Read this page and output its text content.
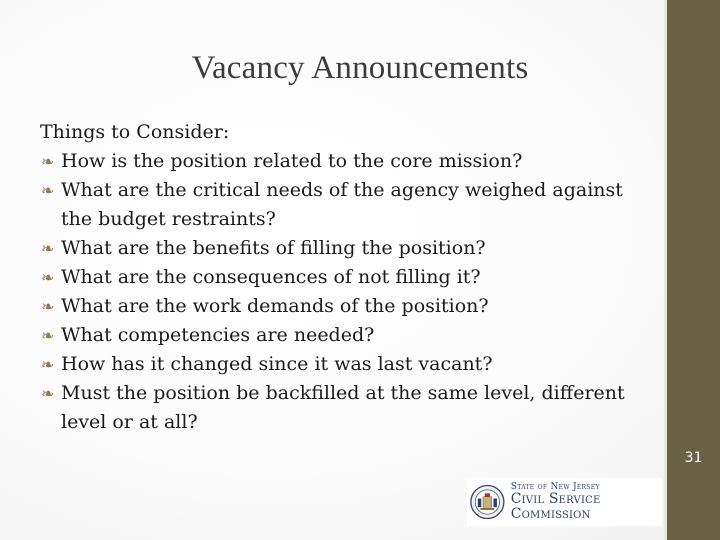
Vacancy Announcements
Things to Consider:
❧ How is the position related to the core mission?
❧ What are the critical needs of the agency weighed against the budget restraints?
❧ What are the benefits of filling the position?
❧ What are the consequences of not filling it?
❧ What are the work demands of the position?
❧ What competencies are needed?
❧ How has it changed since it was last vacant?
❧ Must the position be backfilled at the same level, different level or at all?
31
State of New Jersey
Civil Service Commission
